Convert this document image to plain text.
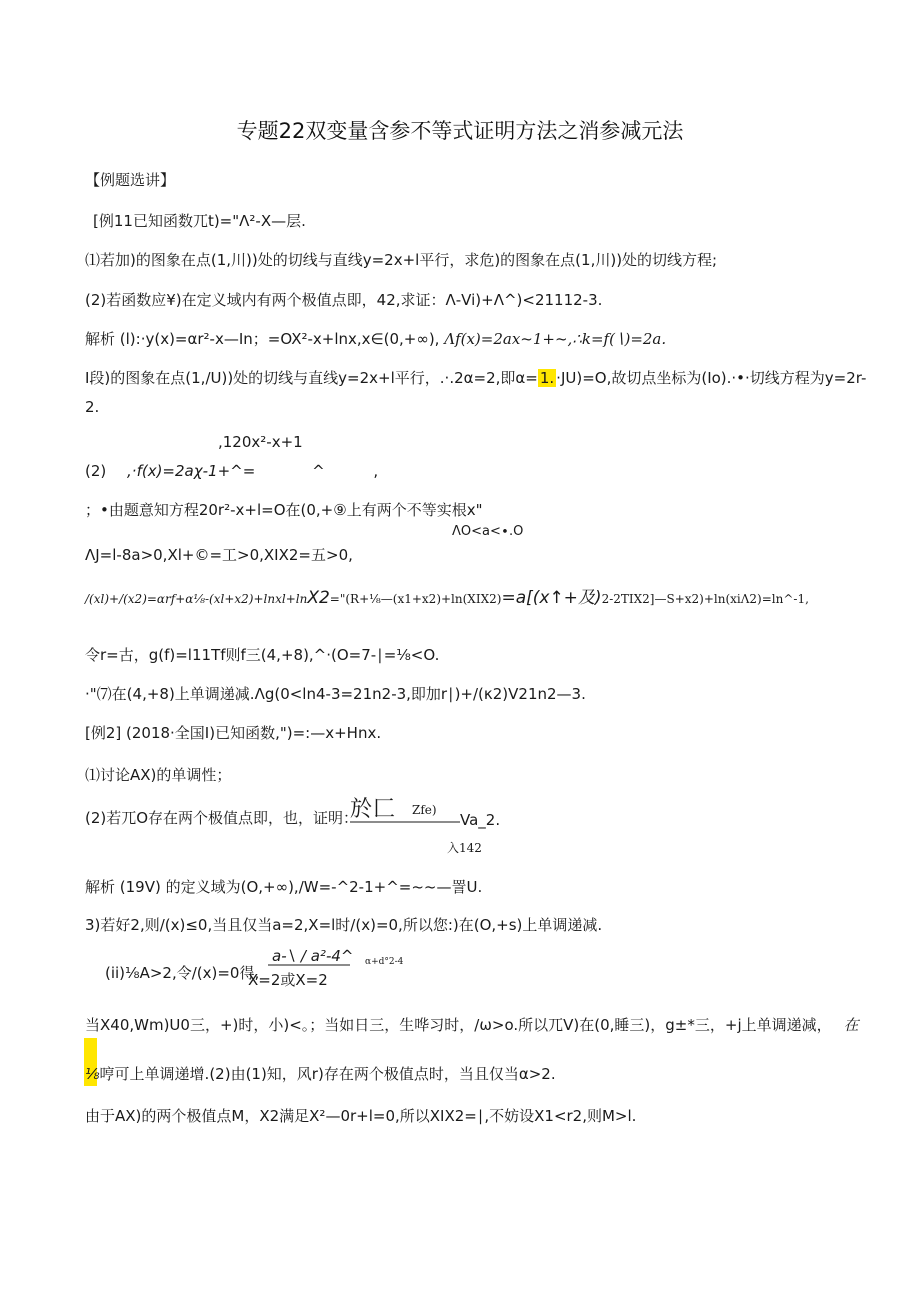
专题22双变量含参不等式证明方法之消参减元法
【例题选讲】
[例11已知函数兀t)="Λ²-X—层.
⑴若加)的图象在点(1,川))处的切线与直线y=2x+l平行，求危)的图象在点(1,川))处的切线方程;
(2)若函数应¥)在定义域内有两个极值点即，42,求证：Λ-Vi)+Λ^)<21112-3.
解析 (l):·y(x)=αr²-x—In；=OX²-x+lnx,x∈(0,+∞), Λf(x)=2ax~1+~,∴k=f(∖)=2a.
I段)的图象在点(1,/U))处的切线与直线y=2x+l平行，.·.2α=2,即α= 1. ·JU)=O,故切点坐标为(Io).·•·切线方程为y=2r-
2.
,120x²-x+1
(2) ,·f(x)=2aχ-1+^=	^	,
；•由题意知方程20r²-x+l=O在(0,+⑨上有两个不等实根x"
ΛO<a<∙.O
ΛJ=l-8a>0,Xl+©=工>0,XIX2=五>0,
/(xl)+/(x2)=αrf+α⅛-(xl+x2)+lnxl+lnX2="(R+⅛—(x1+x2)+ln(XIX2)=a[(x↑+及)2-2TIX2]—S+x2)+ln(xiΛ2)=ln^-1,
令r=古，g(f)=l11Tf则f三(4,+8),^·(O=7-∣=⅛<O.
·"⑺在(4,+8)上单调递减.Λg(0<ln4-3=21n2-3,即加r∣)+/(κ2)V21n2—3.
[例2] (2018·全国I)已知函数,")=:—x+Hnx.
⑴讨论AX)的单调性；
(2)若兀O存在两个极值点即，也，证明：
於匚 Zfe)
Va_2.
入142
解析 (19V) 的定义域为(O,+∞),/W=-^2-1+^=~~—詈U.
3)若好2,则/(x)≤0,当且仅当a=2,X=l时/(x)=0,所以您:)在(O,+s)上单调递减.
a-∖ / a²-4^ α+d°2-4
(ii)⅛A>2,令/(x)=0得,
X=2或X=2
当X40,Wm)U0三，+)时，小)<。；当如日三，生哗习时，/ω>o.所以兀V)在(0,睡三)，g±*三，+j上单调递减， 在
⅛哼可上单调递增.(2)由(1)知，风r)存在两个极值点时，当且仅当α>2.
由于AX)的两个极值点M，X2满足X²—0r+l=0,所以XIX2=∣,不妨设X1<r2,则M>l.
